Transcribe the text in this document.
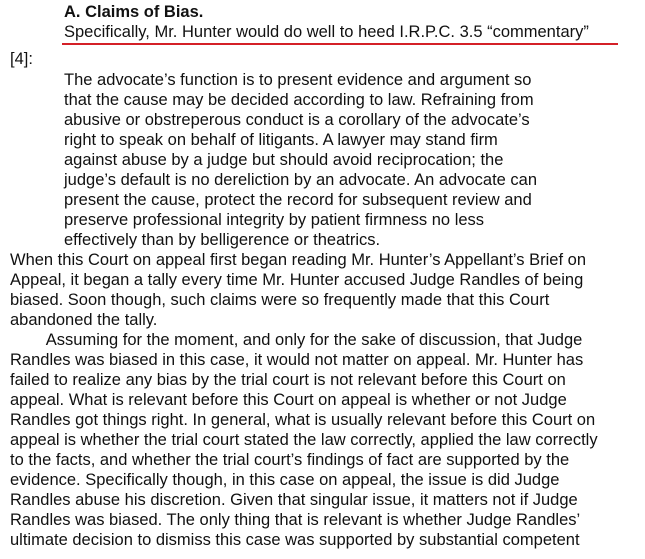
A. Claims of Bias.
Specifically, Mr. Hunter would do well to heed I.R.P.C. 3.5 “commentary”
[4]:
The advocate’s function is to present evidence and argument so
that the cause may be decided according to law. Refraining from
abusive or obstreperous conduct is a corollary of the advocate’s
right to speak on behalf of litigants. A lawyer may stand firm
against abuse by a judge but should avoid reciprocation; the
judge’s default is no dereliction by an advocate. An advocate can
present the cause, protect the record for subsequent review and
preserve professional integrity by patient firmness no less
effectively than by belligerence or theatrics.
When this Court on appeal first began reading Mr. Hunter’s Appellant’s Brief on
Appeal, it began a tally every time Mr. Hunter accused Judge Randles of being
biased. Soon though, such claims were so frequently made that this Court
abandoned the tally.
Assuming for the moment, and only for the sake of discussion, that Judge
Randles was biased in this case, it would not matter on appeal. Mr. Hunter has
failed to realize any bias by the trial court is not relevant before this Court on
appeal. What is relevant before this Court on appeal is whether or not Judge
Randles got things right. In general, what is usually relevant before this Court on
appeal is whether the trial court stated the law correctly, applied the law correctly
to the facts, and whether the trial court’s findings of fact are supported by the
evidence. Specifically though, in this case on appeal, the issue is did Judge
Randles abuse his discretion. Given that singular issue, it matters not if Judge
Randles was biased. The only thing that is relevant is whether Judge Randles’
ultimate decision to dismiss this case was supported by substantial competent
